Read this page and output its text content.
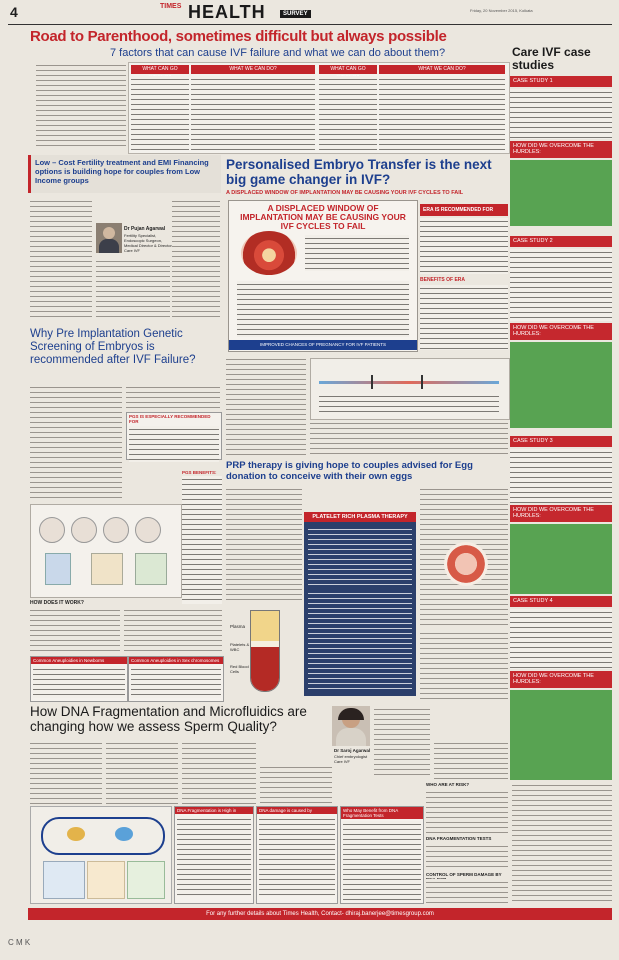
4	TIMES HEALTH	SURVEY
Friday, 20 November 2015, Kolkata
Road to Parenthood, sometimes difficult but always possible
7 factors that can cause IVF failure and what we can do about them?
WHAT CAN GO	WHAT WE CAN DO?	WHAT CAN GO	WHAT WE CAN DO?
Care IVF case studies
CASE STUDY 1
HOW DID WE OVERCOME THE HURDLES:
CASE STUDY 2
HOW DID WE OVERCOME THE HURDLES:
CASE STUDY 3
HOW DID WE OVERCOME THE HURDLES:
CASE STUDY 4
HOW DID WE OVERCOME THE HURDLES:
Low – Cost Fertility treatment and EMI Financing options is building hope for couples from Low Income groups
Dr Pujan Agarwal
Fertility Specialist, Endoscopic Surgeon, Medical Director & Director Care IVF
Personalised Embryo Transfer is the next big game changer in IVF?
A DISPLACED WINDOW OF IMPLANTATION MAY BE CAUSING YOUR IVF CYCLES TO FAIL
A DISPLACED WINDOW OF IMPLANTATION MAY BE CAUSING YOUR IVF CYCLES TO FAIL
IMPROVED CHANCES OF PREGNANCY FOR IVF PATIENTS
ERA IS RECOMMENDED FOR
BENEFITS OF ERA
Why Pre Implantation Genetic Screening of Embryos is recommended after IVF Failure?
PGS IS ESPECIALLY RECOMMENDED FOR
PGS BENEFITS:
HOW DOES IT WORK?
Common Aneuploidies in Newborns	Common Aneuploidies in Sex chromosomes
PRP therapy is giving hope to couples advised for Egg donation to conceive with their own eggs
Plasma
Platelets & WBC
Red Blood Cells
PLATELET RICH PLASMA THERAPY
How DNA Fragmentation and Microfluidics are changing how we assess Sperm Quality?
Dr Saroj Agarwal
Chief embryologist Care IVF
DNA Fragmentation is High in	DNA damage is caused by	Who May Benefit from DNA Fragmentation Tests
WHO ARE AT RISK?
DNA FRAGMENTATION TESTS
CONTROL OF SPERM DAMAGE BY
For any further details about Times Health, Contact- dhiraj.banerjee@timesgroup.com
C M K
